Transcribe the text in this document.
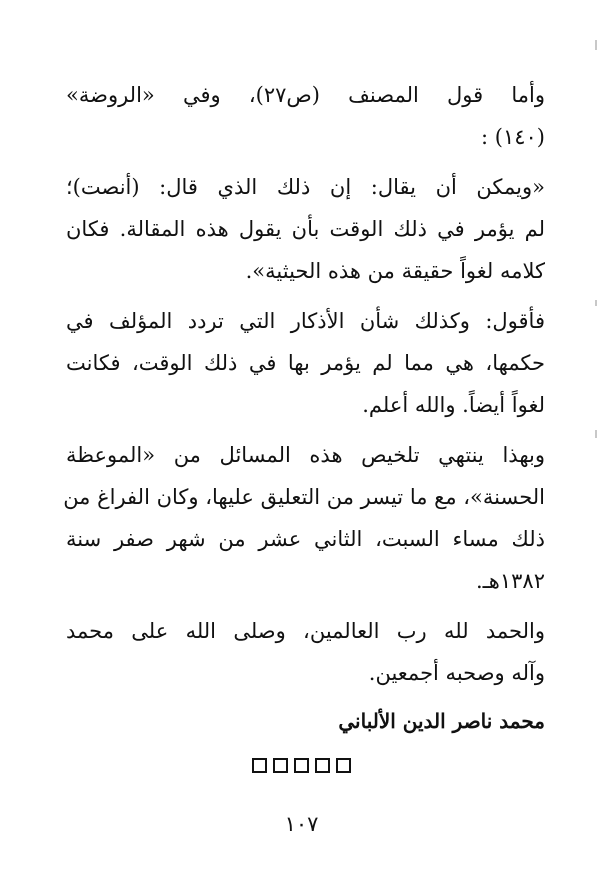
وأما قول المصنف (ص٢٧)، وفي «الروضة»
(١٤٠) :
«ويمكن أن يقال: إن ذلك الذي قال: (أنصت)؛
لم يؤمر في ذلك الوقت بأن يقول هذه المقالة. فكان
كلامه لغواً حقيقة من هذه الحيثية».
فأقول: وكذلك شأن الأذكار التي تردد المؤلف في
حكمها، هي مما لم يؤمر بها في ذلك الوقت، فكانت
لغواً أيضاً. والله أعلم.
وبهذا ينتهي تلخيص هذه المسائل من «الموعظة
الحسنة»، مع ما تيسر من التعليق عليها، وكان الفراغ من
ذلك مساء السبت، الثاني عشر من شهر صفر سنة
١٣٨٢هـ.
والحمد لله رب العالمين، وصلى الله على محمد
وآله وصحبه أجمعين.
محمد ناصر الدين الألباني
١٠٧
